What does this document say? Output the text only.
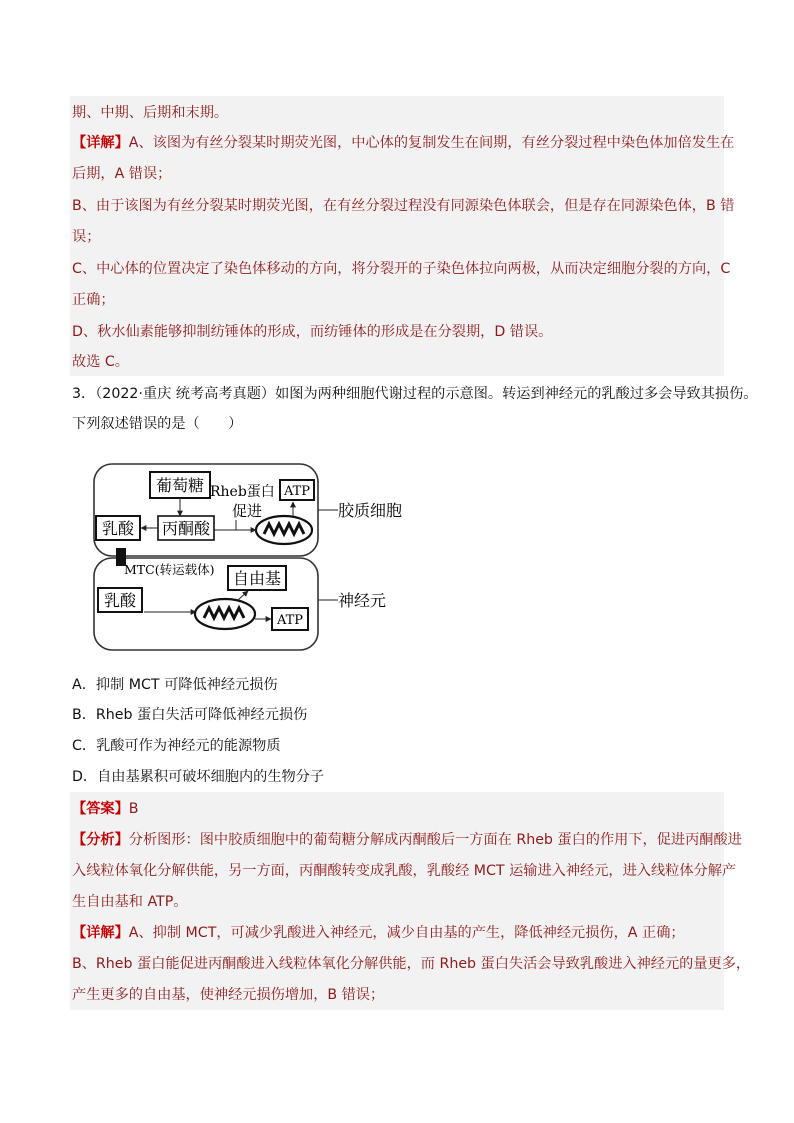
期、中期、后期和末期。
【详解】A、该图为有丝分裂某时期荧光图，中心体的复制发生在间期，有丝分裂过程中染色体加倍发生在
后期，A 错误；
B、由于该图为有丝分裂某时期荧光图，在有丝分裂过程没有同源染色体联会，但是存在同源染色体，B 错
误；
C、中心体的位置决定了染色体移动的方向，将分裂开的子染色体拉向两极，从而决定细胞分裂的方向，C
正确；
D、秋水仙素能够抑制纺锤体的形成，而纺锤体的形成是在分裂期，D 错误。
故选 C。
3．（2022·重庆 统考高考真题）如图为两种细胞代谢过程的示意图。转运到神经元的乳酸过多会导致其损伤。
下列叙述错误的是（　　）
葡萄糖
丙酮酸
乳酸
Rheb蛋白
促进
ATP
胶质细胞
MTC(转运载体) 自由基
乳酸
ATP
神经元
A．抑制 MCT 可降低神经元损伤
B．Rheb 蛋白失活可降低神经元损伤
C．乳酸可作为神经元的能源物质
D．自由基累积可破坏细胞内的生物分子
【答案】B
【分析】分析图形：图中胶质细胞中的葡萄糖分解成丙酮酸后一方面在 Rheb 蛋白的作用下，促进丙酮酸进
入线粒体氧化分解供能，另一方面，丙酮酸转变成乳酸，乳酸经 MCT 运输进入神经元，进入线粒体分解产
生自由基和 ATP。
【详解】A、抑制 MCT，可减少乳酸进入神经元，减少自由基的产生，降低神经元损伤，A 正确；
B、Rheb 蛋白能促进丙酮酸进入线粒体氧化分解供能，而 Rheb 蛋白失活会导致乳酸进入神经元的量更多，
产生更多的自由基，使神经元损伤增加，B 错误；
